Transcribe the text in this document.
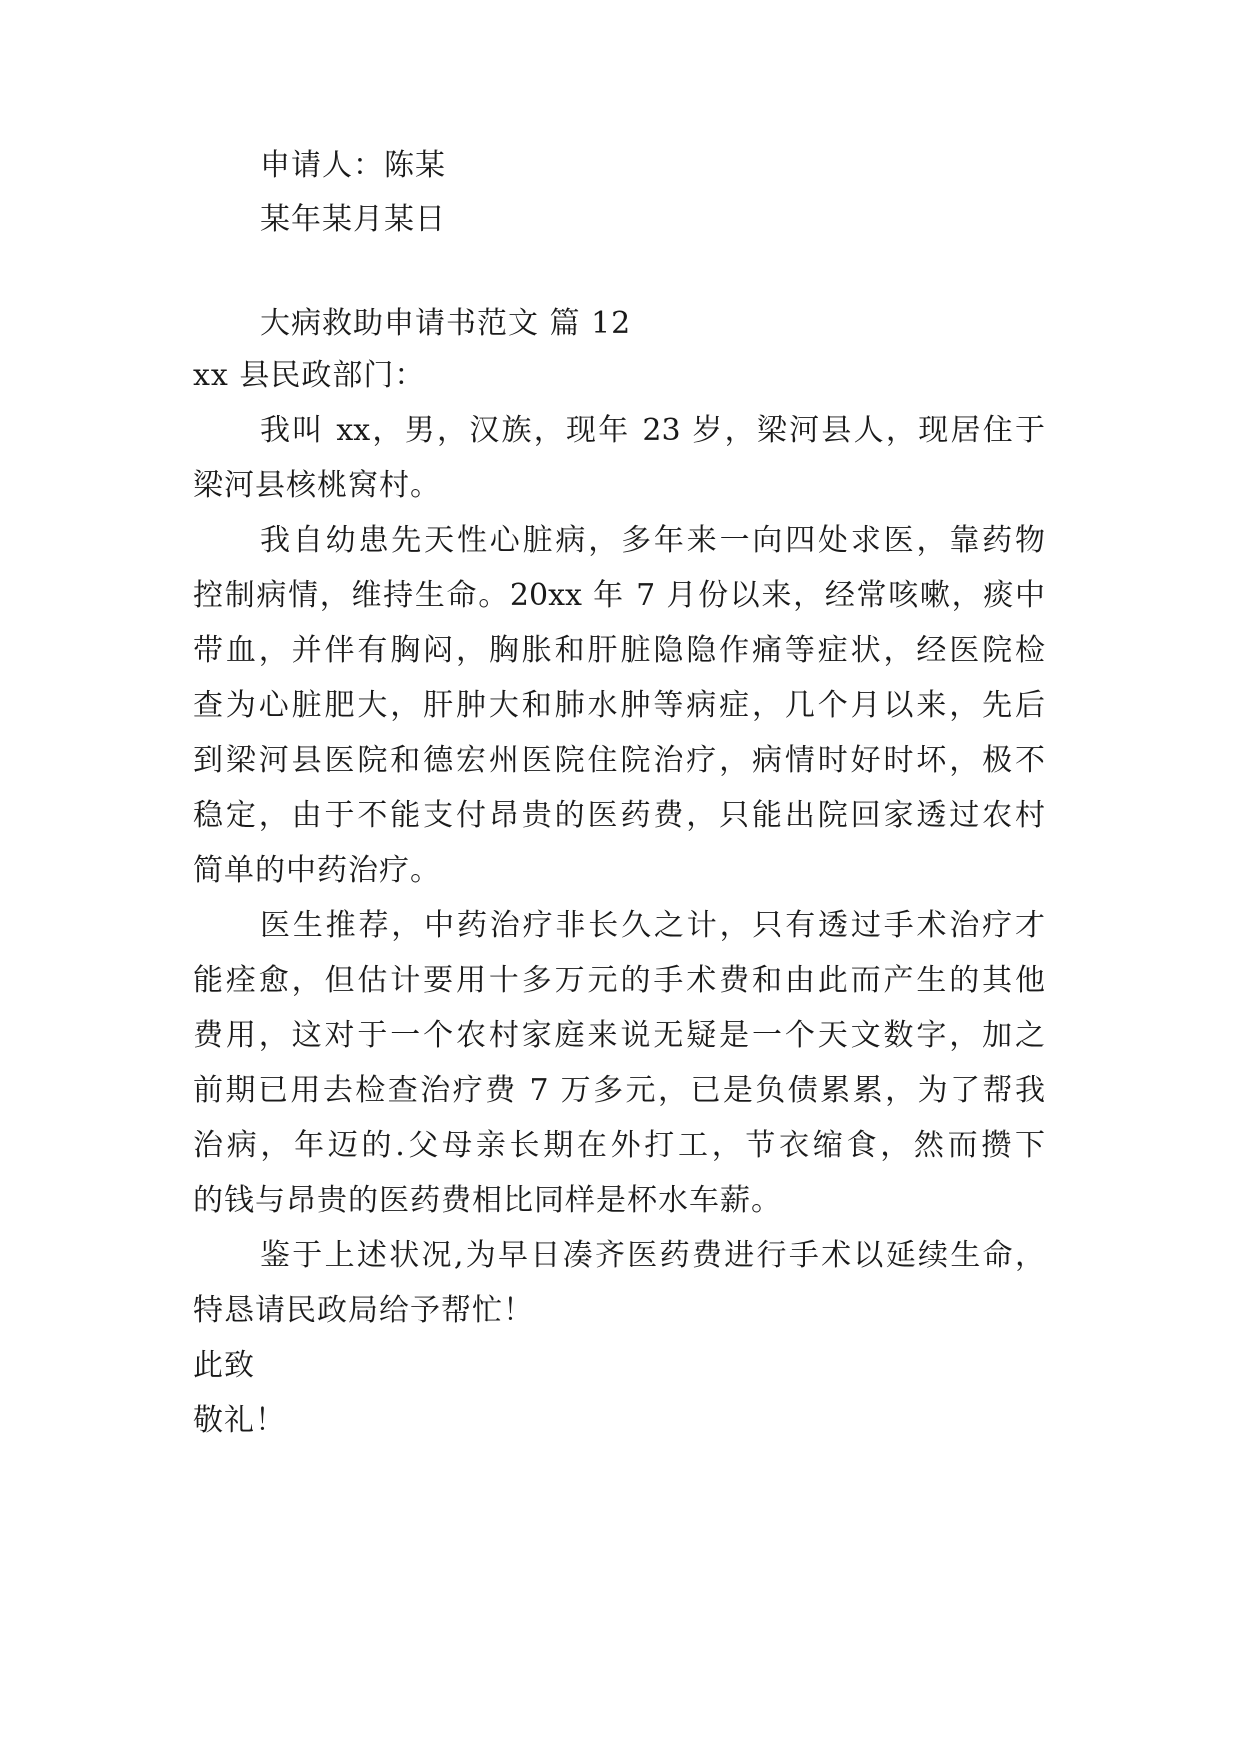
申请人：陈某
某年某月某日
大病救助申请书范文 篇 12
xx 县民政部门：
我叫 xx，男，汉族，现年 23 岁，梁河县人，现居住于
梁河县核桃窝村。
我自幼患先天性心脏病，多年来一向四处求医，靠药物
控制病情，维持生命。20xx 年 7 月份以来，经常咳嗽，痰中
带血，并伴有胸闷，胸胀和肝脏隐隐作痛等症状，经医院检
查为心脏肥大，肝肿大和肺水肿等病症，几个月以来，先后
到梁河县医院和德宏州医院住院治疗，病情时好时坏，极不
稳定，由于不能支付昂贵的医药费，只能出院回家透过农村
简单的中药治疗。
医生推荐，中药治疗非长久之计，只有透过手术治疗才
能痊愈，但估计要用十多万元的手术费和由此而产生的其他
费用，这对于一个农村家庭来说无疑是一个天文数字，加之
前期已用去检查治疗费 7 万多元，已是负债累累，为了帮我
治病，年迈的.父母亲长期在外打工，节衣缩食，然而攒下
的钱与昂贵的医药费相比同样是杯水车薪。
鉴于上述状况,为早日凑齐医药费进行手术以延续生命，
特恳请民政局给予帮忙！
此致
敬礼！
